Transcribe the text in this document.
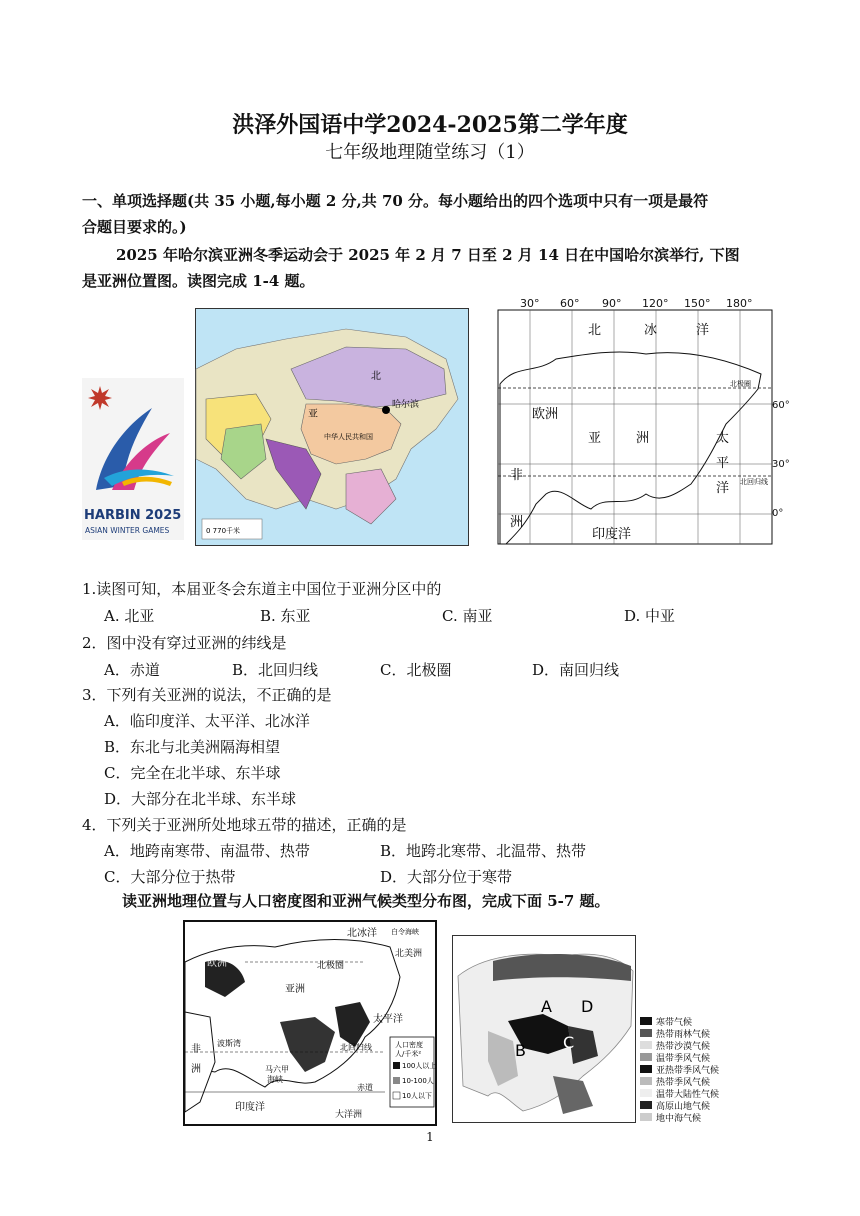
洪泽外国语中学2024-2025第二学年度
七年级地理随堂练习（1）
一、单项选择题(共 35 小题,每小题 2 分,共 70 分。每小题给出的四个选项中只有一项是最符
合题目要求的。)
2025 年哈尔滨亚洲冬季运动会于 2025 年 2 月 7 日至 2 月 14 日在中国哈尔滨举行, 下图
是亚洲位置图。读图完成 1-4 题。
HARBIN 2025
ASIAN WINTER GAMES
哈尔滨
北
亚
中华人民共和国
0 770千米
30° 60° 90° 120° 150° 180°
60°
30°
0°
北极圈
北回归线
北	冰	洋
欧洲
亚	洲	太
平
洋
非
洲
印度洋
1.读图可知，本届亚冬会东道主中国位于亚洲分区中的
A. 北亚	B. 东亚	C. 南亚	D. 中亚
2．图中没有穿过亚洲的纬线是
A．赤道	B．北回归线	C．北极圈	D．南回归线
3．下列有关亚洲的说法，不正确的是
A．临印度洋、太平洋、北冰洋
B．东北与北美洲隔海相望
C．完全在北半球、东半球
D．大部分在北半球、东半球
4．下列关于亚洲所处地球五带的描述，正确的是
A．地跨南寒带、南温带、热带	B．地跨北寒带、北温带、热带
C．大部分位于热带	D．大部分位于寒带
读亚洲地理位置与人口密度图和亚洲气候类型分布图，完成下面 5-7 题。
北冰洋 白令海峡
北美洲
欧洲	北极圈
亚洲
太平洋
非
洲
波斯湾
马六甲
海峡
北回归线
赤道
印度洋
大洋洲
人口密度
人/千米²
100人以上
10-100人
10人以下
A D
B C
寒带气候
热带雨林气候
热带沙漠气候
温带季风气候
亚热带季风气候
热带季风气候
温带大陆性气候
高原山地气候
地中海气候
1
